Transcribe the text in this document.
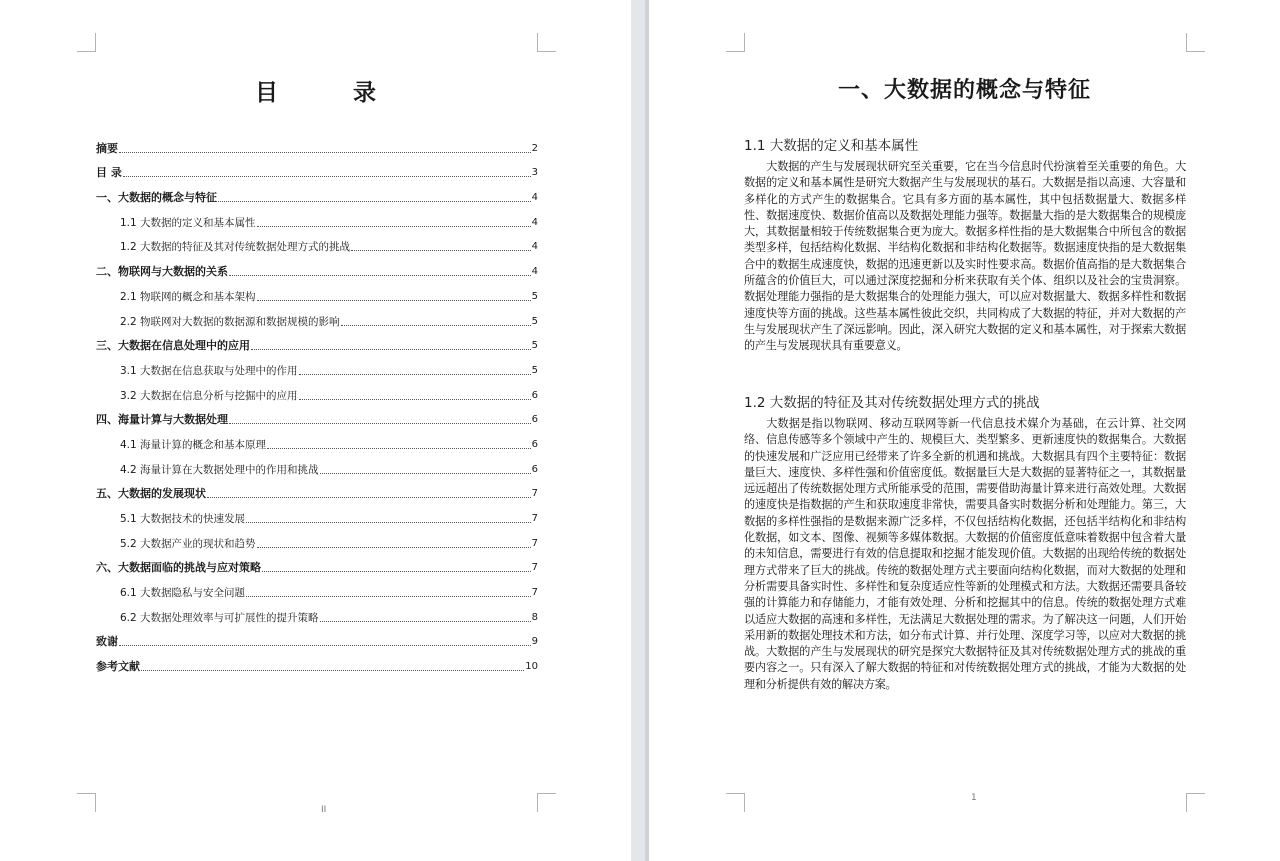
目　录
摘要	2
目 录	3
一、大数据的概念与特征	4
1.1 大数据的定义和基本属性	4
1.2 大数据的特征及其对传统数据处理方式的挑战	4
二、物联网与大数据的关系	4
2.1 物联网的概念和基本架构	5
2.2 物联网对大数据的数据源和数据规模的影响	5
三、大数据在信息处理中的应用	5
3.1 大数据在信息获取与处理中的作用	5
3.2 大数据在信息分析与挖掘中的应用	6
四、海量计算与大数据处理	6
4.1 海量计算的概念和基本原理	6
4.2 海量计算在大数据处理中的作用和挑战	6
五、大数据的发展现状	7
5.1 大数据技术的快速发展	7
5.2 大数据产业的现状和趋势	7
六、大数据面临的挑战与应对策略	7
6.1 大数据隐私与安全问题	7
6.2 大数据处理效率与可扩展性的提升策略	8
致谢	9
参考文献	10
II
一、大数据的概念与特征
1.1 大数据的定义和基本属性

大数据的产生与发展现状研究至关重要，它在当今信息时代扮演着至关重要的角色。大数据的定义和基本属性是研究大数据产生与发展现状的基石。大数据是指以高速、大容量和多样化的方式产生的数据集合。它具有多方面的基本属性，其中包括数据量大、数据多样性、数据速度快、数据价值高以及数据处理能力强等。数据量大指的是大数据集合的规模庞大，其数据量相较于传统数据集合更为庞大。数据多样性指的是大数据集合中所包含的数据类型多样，包括结构化数据、半结构化数据和非结构化数据等。数据速度快指的是大数据集合中的数据生成速度快，数据的迅速更新以及实时性要求高。数据价值高指的是大数据集合所蕴含的价值巨大，可以通过深度挖掘和分析来获取有关个体、组织以及社会的宝贵洞察。数据处理能力强指的是大数据集合的处理能力强大，可以应对数据量大、数据多样性和数据速度快等方面的挑战。这些基本属性彼此交织，共同构成了大数据的特征，并对大数据的产生与发展现状产生了深远影响。因此，深入研究大数据的定义和基本属性，对于探索大数据的产生与发展现状具有重要意义。

1.2 大数据的特征及其对传统数据处理方式的挑战

大数据是指以物联网、移动互联网等新一代信息技术媒介为基础，在云计算、社交网络、信息传感等多个领域中产生的、规模巨大、类型繁多、更新速度快的数据集合。大数据的快速发展和广泛应用已经带来了许多全新的机遇和挑战。大数据具有四个主要特征：数据量巨大、速度快、多样性强和价值密度低。数据量巨大是大数据的显著特征之一，其数据量远远超出了传统数据处理方式所能承受的范围，需要借助海量计算来进行高效处理。大数据的速度快是指数据的产生和获取速度非常快，需要具备实时数据分析和处理能力。第三，大数据的多样性强指的是数据来源广泛多样，不仅包括结构化数据，还包括半结构化和非结构化数据，如文本、图像、视频等多媒体数据。大数据的价值密度低意味着数据中包含着大量的未知信息，需要进行有效的信息提取和挖掘才能发现价值。大数据的出现给传统的数据处理方式带来了巨大的挑战。传统的数据处理方式主要面向结构化数据，而对大数据的处理和分析需要具备实时性、多样性和复杂度适应性等新的处理模式和方法。大数据还需要具备较强的计算能力和存储能力，才能有效处理、分析和挖掘其中的信息。传统的数据处理方式难以适应大数据的高速和多样性，无法满足大数据处理的需求。为了解决这一问题，人们开始采用新的数据处理技术和方法，如分布式计算、并行处理、深度学习等，以应对大数据的挑战。大数据的产生与发展现状的研究是探究大数据特征及其对传统数据处理方式的挑战的重要内容之一。只有深入了解大数据的特征和对传统数据处理方式的挑战，才能为大数据的处理和分析提供有效的解决方案。

1
